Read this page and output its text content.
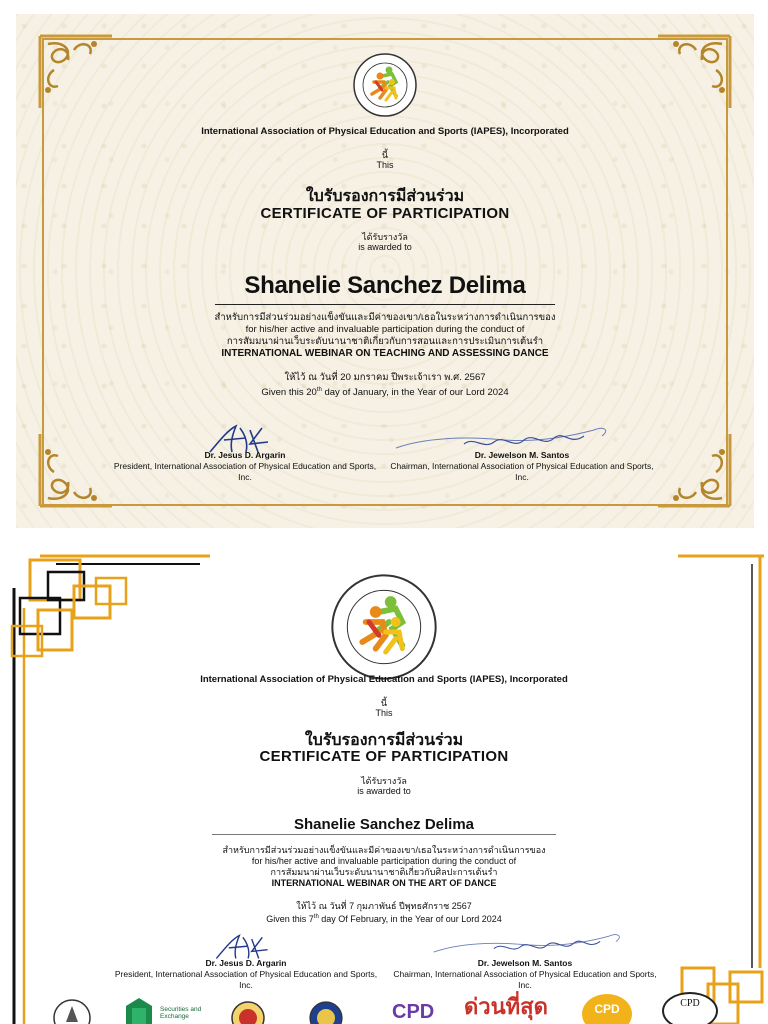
International Association of Physical Education and Sports (IAPES), Incorporated
นี้
This
ใบรับรองการมีส่วนร่วม
CERTIFICATE OF PARTICIPATION
ได้รับรางวัล
is awarded to
Shanelie Sanchez Delima
สำหรับการมีส่วนร่วมอย่างแข็งขันและมีค่าของเขา/เธอในระหว่างการดำเนินการของ
for his/her active and invaluable participation during the conduct of
การสัมมนาผ่านเว็บระดับนานาชาติเกี่ยวกับการสอนและการประเมินการเต้นรำ
INTERNATIONAL WEBINAR ON TEACHING AND ASSESSING DANCE
ให้ไว้ ณ วันที่ 20 มกราคม ปีพระเจ้าเรา พ.ศ. 2567
Given this 20th day of January, in the Year of our Lord 2024
Dr. Jesus D. Argarin
President, International Association of Physical Education and Sports, Inc.
Dr. Jewelson M. Santos
Chairman, International Association of Physical Education and Sports, Inc.
International Association of Physical Education and Sports (IAPES), Incorporated
นี้
This
ใบรับรองการมีส่วนร่วม
CERTIFICATE OF PARTICIPATION
ได้รับรางวัล
is awarded to
Shanelie Sanchez Delima
สำหรับการมีส่วนร่วมอย่างแข็งขันและมีค่าของเขา/เธอในระหว่างการดำเนินการของ
for his/her active and invaluable participation during the conduct of
การสัมมนาผ่านเว็บระดับนานาชาติเกี่ยวกับศิลปะการเต้นรำ
INTERNATIONAL WEBINAR ON THE ART OF DANCE
ให้ไว้ ณ วันที่ 7 กุมภาพันธ์ ปีพุทธศักราช 2567
Given this 7th day Of February, in the Year of our Lord 2024
Dr. Jesus D. Argarin
President, International Association of Physical Education and Sports, Inc.
Dr. Jewelson M. Santos
Chairman, International Association of Physical Education and Sports, Inc.
Securities and Exchange	CPD ด่วนที่สุด	CPD	CPD
